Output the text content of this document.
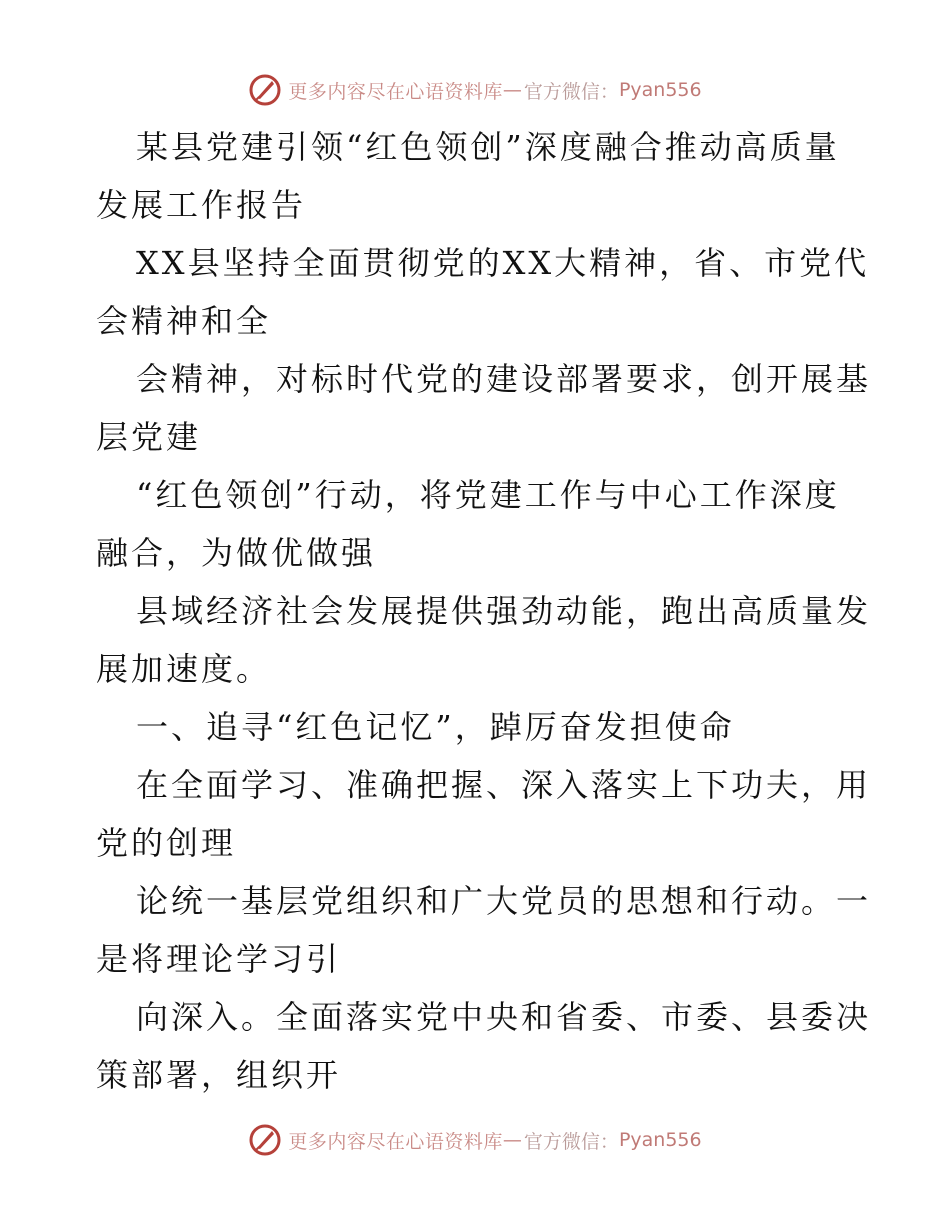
更多内容尽在心语资料库 — 官方微信： Pyan556
某县党建引领“红色领创”深度融合推动高质量
发展工作报告
XX县坚持全面贯彻党的XX大精神，省、市党代
会精神和全
会精神，对标时代党的建设部署要求，创开展基
层党建
“红色领创”行动，将党建工作与中心工作深度
融合，为做优做强
县域经济社会发展提供强劲动能，跑出高质量发
展加速度。
一、追寻“红色记忆”，踔厉奋发担使命
在全面学习、准确把握、深入落实上下功夫，用
党的创理
论统一基层党组织和广大党员的思想和行动。一
是将理论学习引
向深入。全面落实党中央和省委、市委、县委决
策部署，组织开
更多内容尽在心语资料库 — 官方微信： Pyan556
